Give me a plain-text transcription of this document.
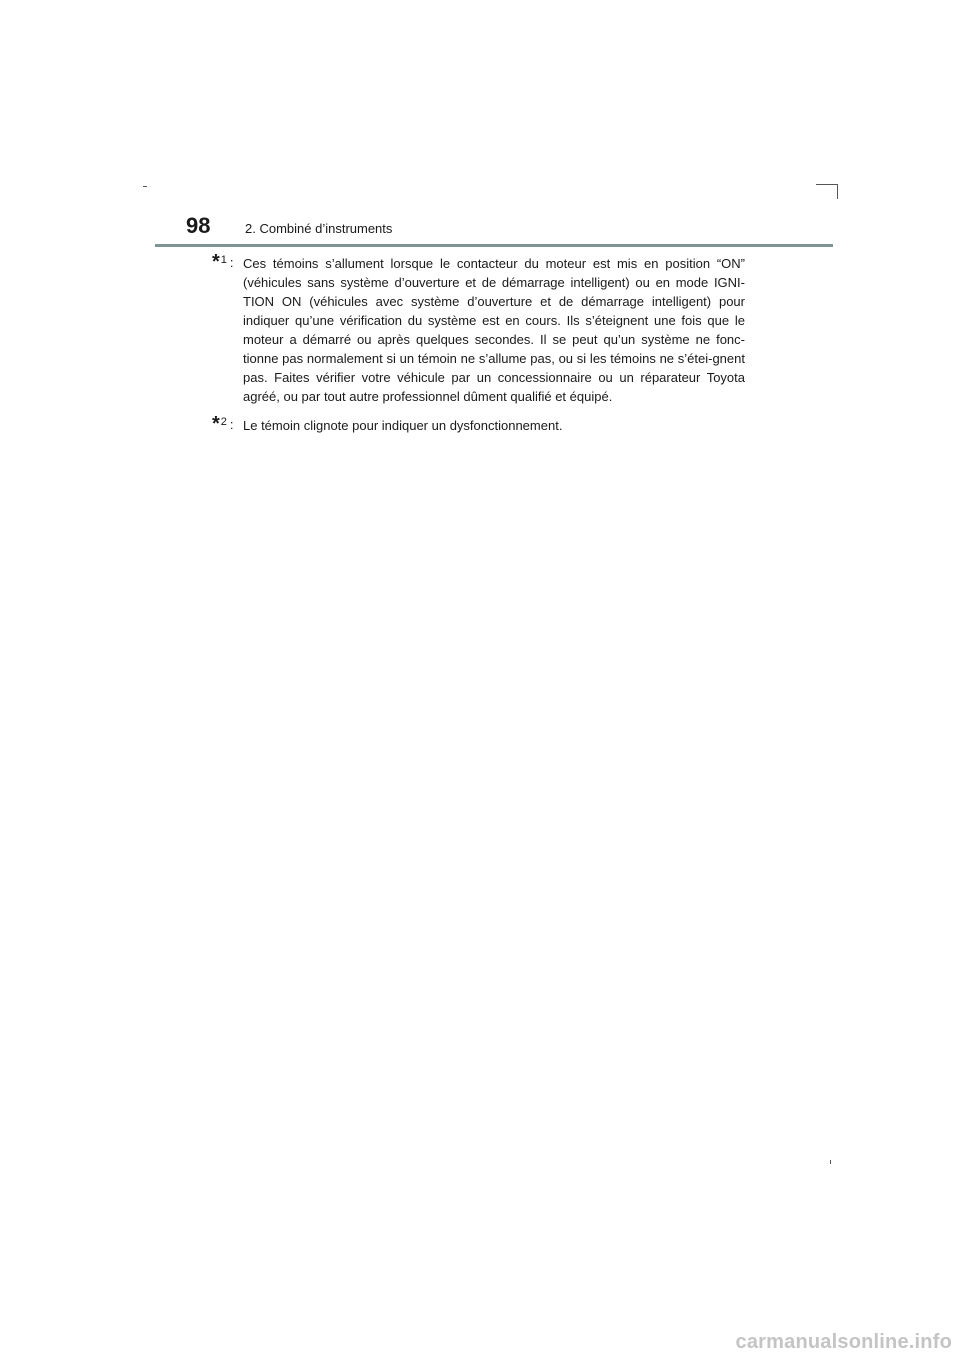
98	2. Combiné d’instruments
* 1 : Ces témoins s’allument lorsque le contacteur du moteur est mis en position “ON” (véhicules sans système d’ouverture et de démarrage intelligent) ou en mode IGNI-TION ON (véhicules avec système d’ouverture et de démarrage intelligent) pour indiquer qu’une vérification du système est en cours. Ils s’éteignent une fois que le moteur a démarré ou après quelques secondes. Il se peut qu’un système ne fonc-tionne pas normalement si un témoin ne s’allume pas, ou si les témoins ne s’étei-gnent pas. Faites vérifier votre véhicule par un concessionnaire ou un réparateur Toyota agréé, ou par tout autre professionnel dûment qualifié et équipé.
* 2 : Le témoin clignote pour indiquer un dysfonctionnement.
carmanualsonline.info
